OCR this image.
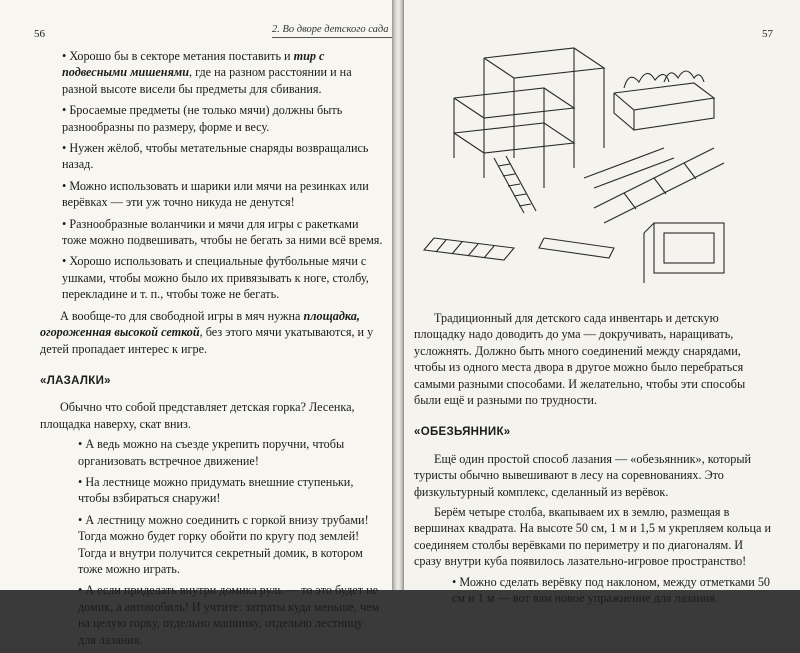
56	2. Во дворе детского сада

• Хорошо бы в секторе метания поставить и тир с подвесными мишенями, где на разном расстоянии и на разной высоте висели бы предметы для сбивания.

• Бросаемые предметы (не только мячи) должны быть разнообразны по размеру, форме и весу.

• Нужен жёлоб, чтобы метательные снаряды возвращались назад.

• Можно использовать и шарики или мячи на резинках или верёвках — эти уж точно никуда не денутся!

• Разнообразные воланчики и мячи для игры с ракетками тоже можно подвешивать, чтобы не бегать за ними всё время.

• Хорошо использовать и специальные футбольные мячи с ушками, чтобы можно было их привязывать к ноге, столбу, перекладине и т. п., чтобы тоже не бегать.

А вообще-то для свободной игры в мяч нужна площадка, огороженная высокой сеткой, без этого мячи укатываются, и у детей пропадает интерес к игре.

«ЛАЗАЛКИ»

Обычно что собой представляет детская горка? Лесенка, площадка наверху, скат вниз.

• А ведь можно на съезде укрепить поручни, чтобы организовать встречное движение!

• На лестнице можно придумать внешние ступеньки, чтобы взбираться снаружи!

• А лестницу можно соединить с горкой внизу трубами! Тогда можно будет горку обойти по кругу под землей! Тогда и внутри получится секретный домик, в котором тоже можно играть.

• А если приделать внутри домика руль — то это будет не домик, а автомобиль! И учтите: затраты куда меньше, чем на целую горку, отдельно машинку, отдельно лестницу для лазания.

57

Традиционный для детского сада инвентарь и детскую площадку надо доводить до ума — докручивать, наращивать, усложнять. Должно быть много соединений между снарядами, чтобы из одного места двора в другое можно было перебраться самыми разными способами. И желательно, чтобы эти способы были ещё и разными по трудности.

«ОБЕЗЬЯННИК»

Ещё один простой способ лазания — «обезьянник», который туристы обычно вывешивают в лесу на соревнованиях. Это физкультурный комплекс, сделанный из верёвок.

Берём четыре столба, вкапываем их в землю, размещая в вершинах квадрата. На высоте 50 см, 1 м и 1,5 м укрепляем кольца и соединяем столбы верёвками по периметру и по диагоналям. И сразу внутри куба появилось лазательно-игровое пространство!

• Можно сделать верёвку под наклоном, между отметками 50 см и 1 м — вот вам новое упражнение для лазания.
